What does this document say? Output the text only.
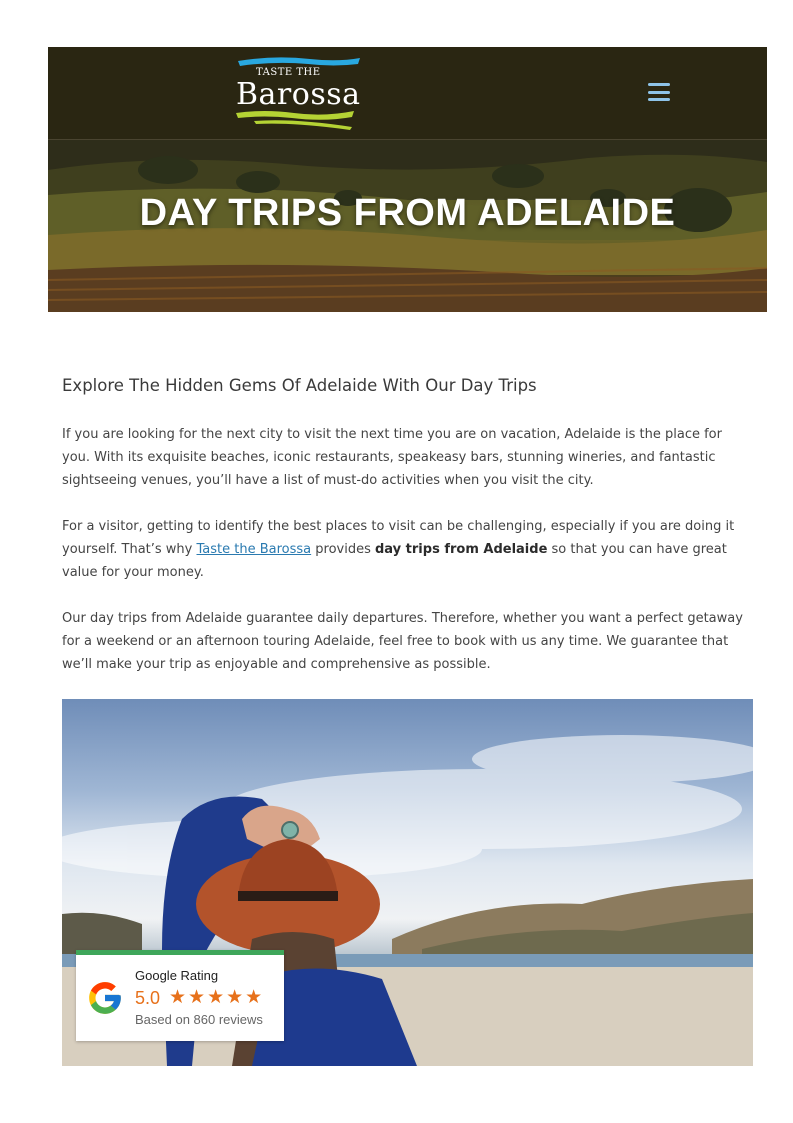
TASTE THE
Barossa
DAY TRIPS FROM ADELAIDE
Explore The Hidden Gems Of Adelaide With Our Day Trips

If you are looking for the next city to visit the next time you are on vacation, Adelaide is the place for you. With its exquisite beaches, iconic restaurants, speakeasy bars, stunning wineries, and fantastic sightseeing venues, you’ll have a list of must-do activities when you visit the city.

For a visitor, getting to identify the best places to visit can be challenging, especially if you are doing it yourself. That’s why Taste the Barossa provides day trips from Adelaide so that you can have great value for your money.

Our day trips from Adelaide guarantee daily departures. Therefore, whether you want a perfect getaway for a weekend or an afternoon touring Adelaide, feel free to book with us any time. We guarantee that we’ll make your trip as enjoyable and comprehensive as possible.

Google Rating
5.0 ★★★★★
Based on 860 reviews
